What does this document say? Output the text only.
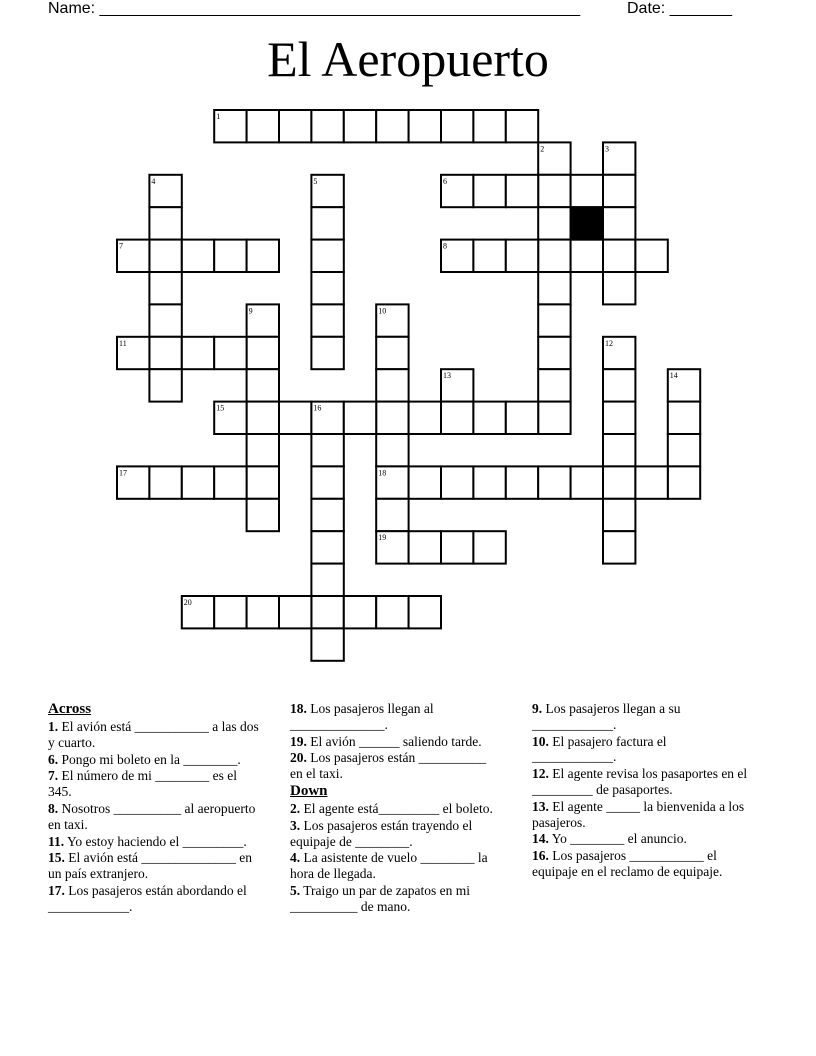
Name: ______________________________________________________	Date: _______
El Aeropuerto
1
2	3
4	5	6
7	8
9	10
11	12
13	14
15	16
17	18
19
20
Across
1. El avión está ___________ a las dos y cuarto.
6. Pongo mi boleto en la ________.
7. El número de mi ________ es el 345.
8. Nosotros __________ al aeropuerto en taxi.
11. Yo estoy haciendo el _________.
15. El avión está ______________ en un país extranjero.
17. Los pasajeros están abordando el ____________.
18. Los pasajeros llegan al ______________.
19. El avión ______ saliendo tarde.
20. Los pasajeros están __________ en el taxi.
Down
2. El agente está_________ el boleto.
3. Los pasajeros están trayendo el equipaje de ________.
4. La asistente de vuelo ________ la hora de llegada.
5. Traigo un par de zapatos en mi __________ de mano.
9. Los pasajeros llegan a su ____________.
10. El pasajero factura el ____________.
12. El agente revisa los pasaportes en el _________ de pasaportes.
13. El agente _____ la bienvenida a los pasajeros.
14. Yo ________ el anuncio.
16. Los pasajeros ___________ el equipaje en el reclamo de equipaje.
